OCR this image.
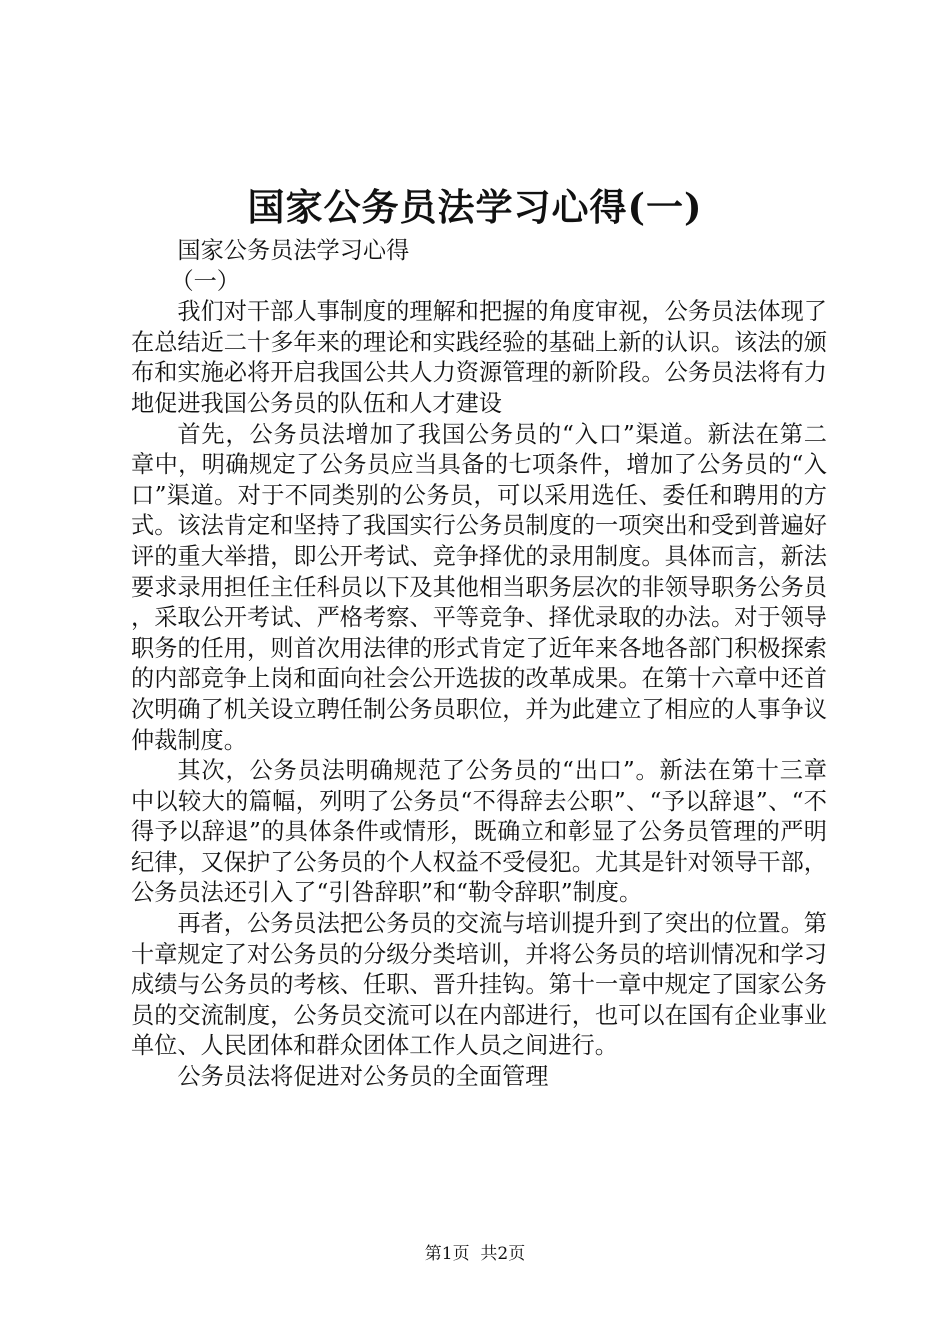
国家公务员法学习心得(一)

国家公务员法学习心得

（一）

我们对干部人事制度的理解和把握的角度审视，公务员法体现了在总结近二十多年来的理论和实践经验的基础上新的认识。该法的颁布和实施必将开启我国公共人力资源管理的新阶段。公务员法将有力地促进我国公务员的队伍和人才建设

首先，公务员法增加了我国公务员的“入口”渠道。新法在第二章中，明确规定了公务员应当具备的七项条件，增加了公务员的“入口”渠道。对于不同类别的公务员，可以采用选任、委任和聘用的方式。该法肯定和坚持了我国实行公务员制度的一项突出和受到普遍好评的重大举措，即公开考试、竞争择优的录用制度。具体而言，新法要求录用担任主任科员以下及其他相当职务层次的非领导职务公务员，采取公开考试、严格考察、平等竞争、择优录取的办法。对于领导职务的任用，则首次用法律的形式肯定了近年来各地各部门积极探索的内部竞争上岗和面向社会公开选拔的改革成果。在第十六章中还首次明确了机关设立聘任制公务员职位，并为此建立了相应的人事争议仲裁制度。

其次，公务员法明确规范了公务员的“出口”。新法在第十三章中以较大的篇幅，列明了公务员“不得辞去公职”、“予以辞退”、“不得予以辞退”的具体条件或情形，既确立和彰显了公务员管理的严明纪律，又保护了公务员的个人权益不受侵犯。尤其是针对领导干部，公务员法还引入了“引咎辞职”和“勒令辞职”制度。

再者，公务员法把公务员的交流与培训提升到了突出的位置。第十章规定了对公务员的分级分类培训，并将公务员的培训情况和学习成绩与公务员的考核、任职、晋升挂钩。第十一章中规定了国家公务员的交流制度，公务员交流可以在内部进行，也可以在国有企业事业单位、人民团体和群众团体工作人员之间进行。

公务员法将促进对公务员的全面管理

第1页 共2页
